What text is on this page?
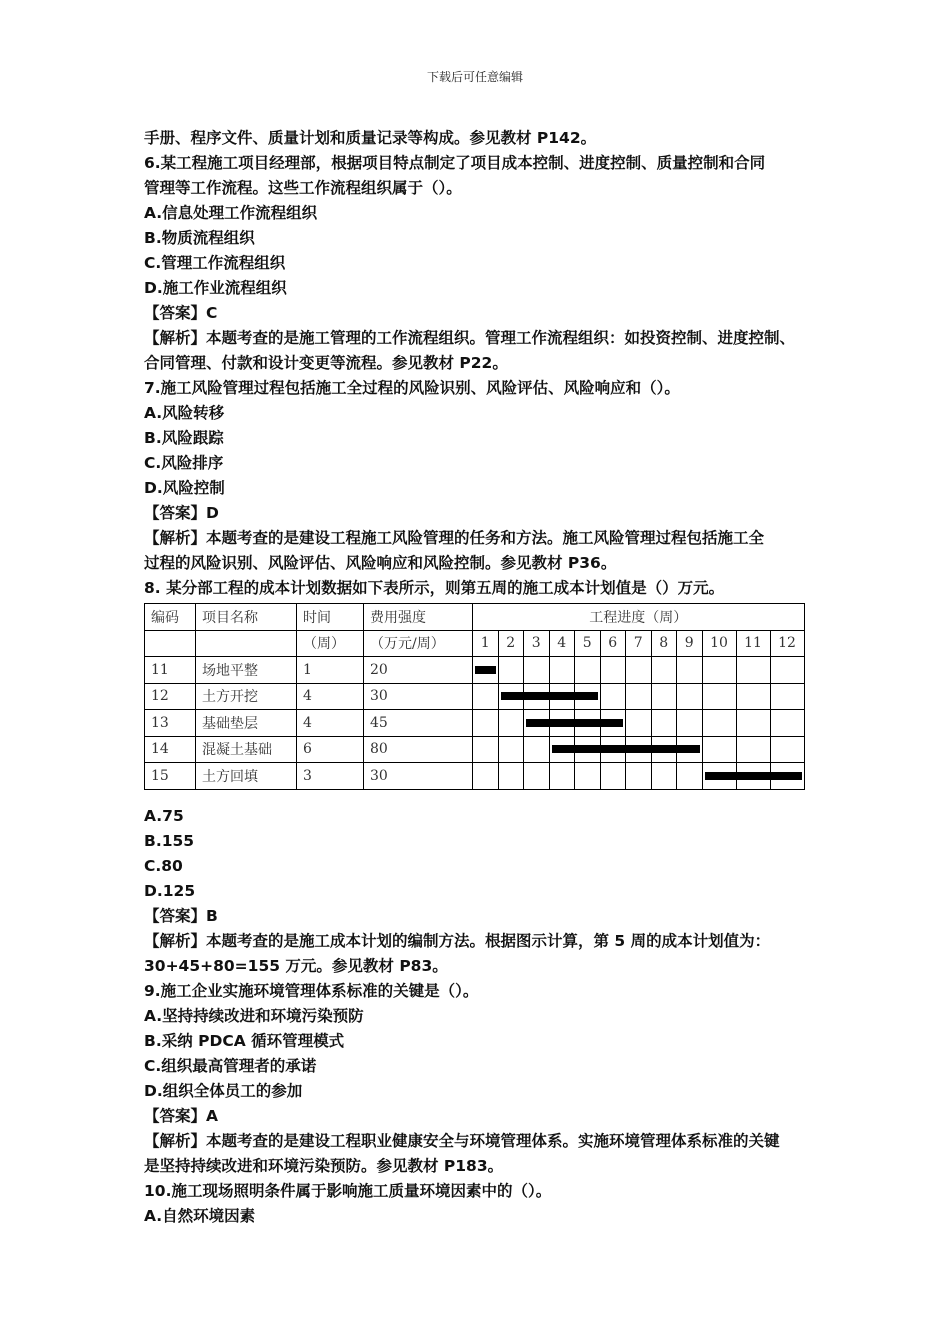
下载后可任意编辑
手册、程序文件、质量计划和质量记录等构成。参见教材 P142。
6.某工程施工项目经理部，根据项目特点制定了项目成本控制、进度控制、质量控制和合同
管理等工作流程。这些工作流程组织属于（）。
A.信息处理工作流程组织
B.物质流程组织
C.管理工作流程组织
D.施工作业流程组织
【答案】C
【解析】本题考查的是施工管理的工作流程组织。管理工作流程组织：如投资控制、进度控制、
合同管理、付款和设计变更等流程。参见教材 P22。
7.施工风险管理过程包括施工全过程的风险识别、风险评估、风险响应和（）。
A.风险转移
B.风险跟踪
C.风险排序
D.风险控制
【答案】D
【解析】本题考查的是建设工程施工风险管理的任务和方法。施工风险管理过程包括施工全
过程的风险识别、风险评估、风险响应和风险控制。参见教材 P36。
8. 某分部工程的成本计划数据如下表所示，则第五周的施工成本计划值是（）万元。
编码	项目名称	时间	费用强度	工程进度（周）											
		（周）	（万元/周）	1	2	3	4	5	6	7	8	9	10	11	12
11	场地平整	1	20	

12	土方开挖	4	30		

13	基础垫层	4	45			

14	混凝土基础	6	80				

15	土方回填	3	30										

A.75
B.155
C.80
D.125
【答案】B
【解析】本题考查的是施工成本计划的编制方法。根据图示计算，第 5 周的成本计划值为：
30+45+80=155 万元。参见教材 P83。
9.施工企业实施环境管理体系标准的关键是（）。
A.坚持持续改进和环境污染预防
B.采纳 PDCA 循环管理模式
C.组织最高管理者的承诺
D.组织全体员工的参加
【答案】A
【解析】本题考查的是建设工程职业健康安全与环境管理体系。实施环境管理体系标准的关键
是坚持持续改进和环境污染预防。参见教材 P183。
10.施工现场照明条件属于影响施工质量环境因素中的（）。
A.自然环境因素
